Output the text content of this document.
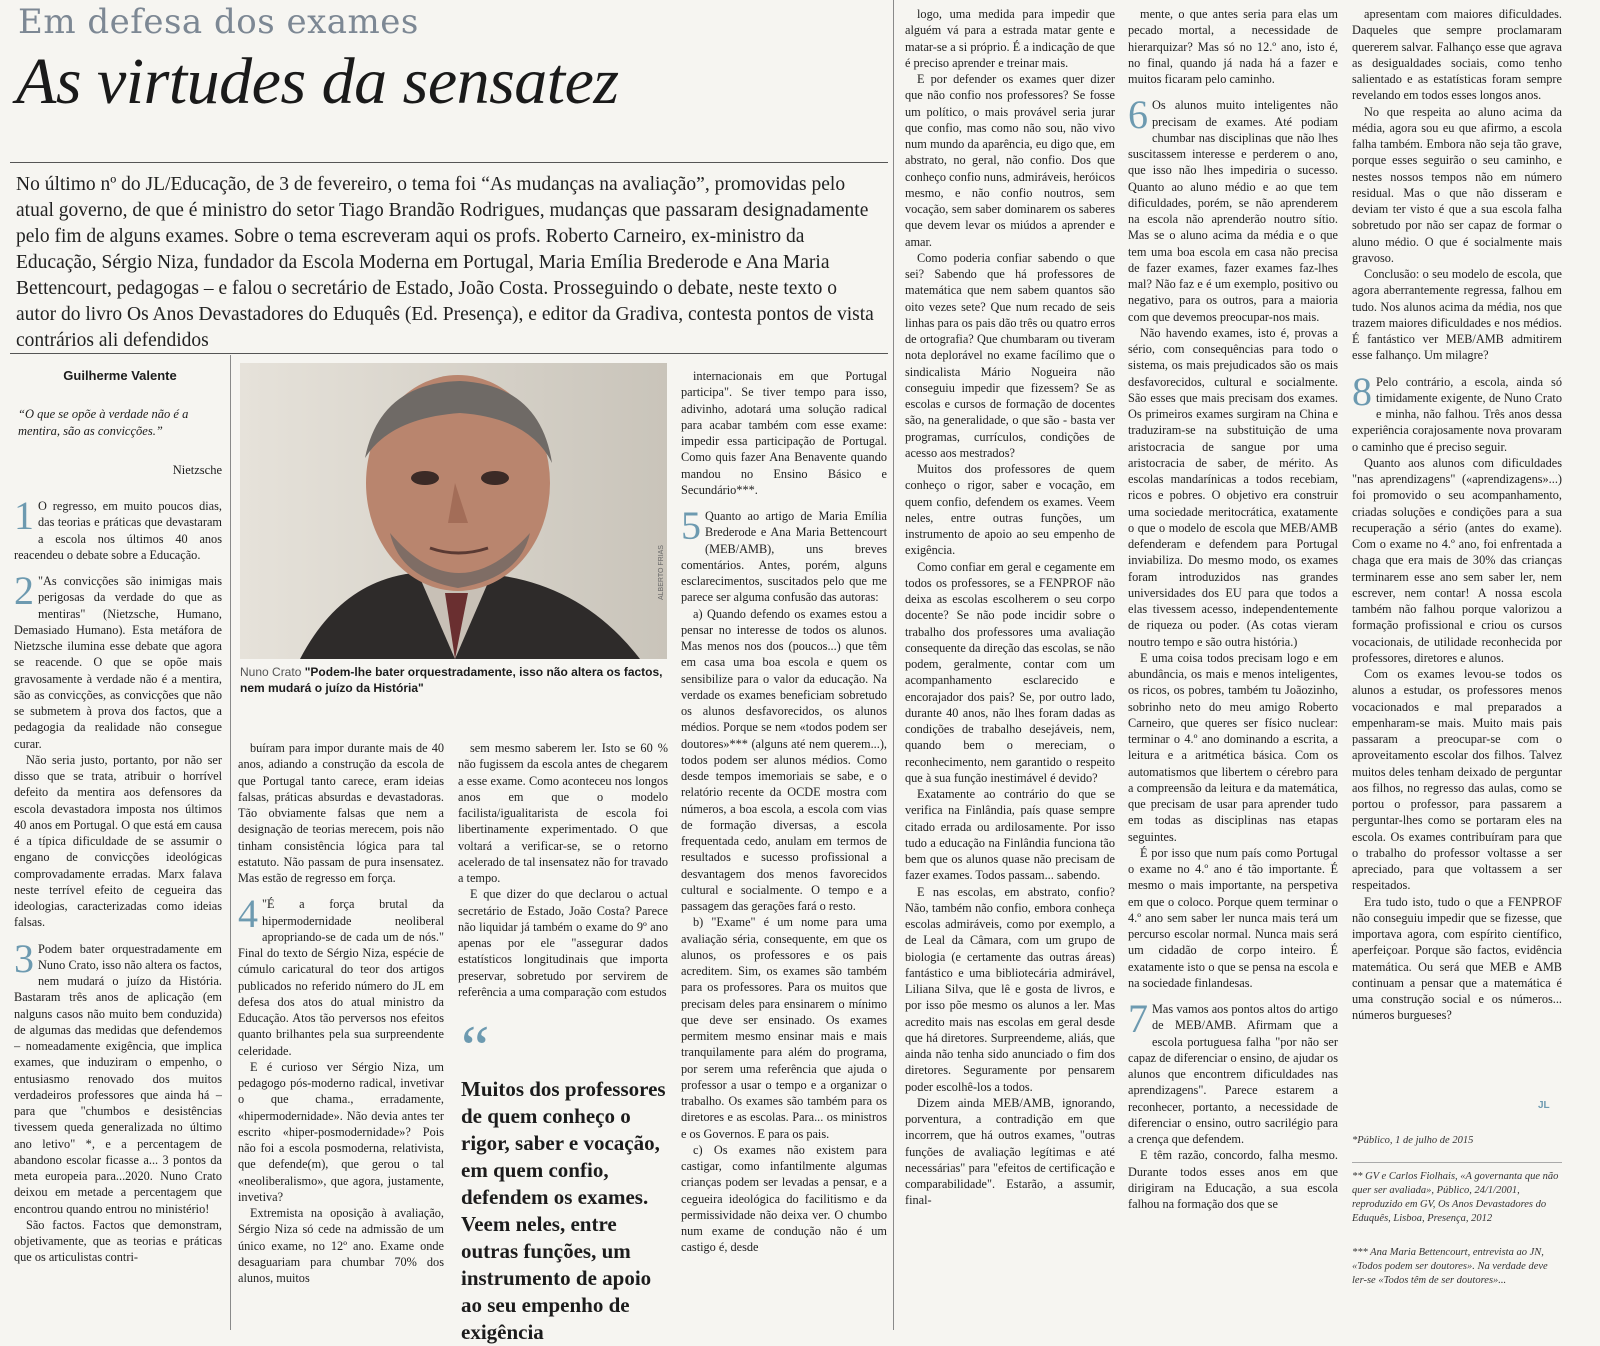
Em defesa dos exames
As virtudes da sensatez
No último nº do JL/Educação, de 3 de fevereiro, o tema foi “As mudanças na avaliação”, promovidas pelo atual governo, de que é ministro do setor Tiago Brandão Rodrigues, mudanças que passaram designadamente pelo fim de alguns exames. Sobre o tema escreveram aqui os profs. Roberto Carneiro, ex-ministro da Educação, Sérgio Niza, fundador da Escola Moderna em Portugal, Maria Emília Brederode e Ana Maria Bettencourt, pedagogas – e falou o secretário de Estado, João Costa. Prosseguindo o debate, neste texto o autor do livro Os Anos Devastadores do Eduquês (Ed. Presença), e editor da Gradiva, contesta pontos de vista contrários ali defendidos
Guilherme Valente
“O que se opõe à verdade não é a mentira, são as convicções.”
Nietzsche
ALBERTO FRIAS
Nuno Crato "Podem-lhe bater orquestradamente, isso não altera os factos, nem mudará o juízo da História"
“
Muitos dos professores de quem conheço o rigor, saber e vocação, em quem confio, defendem os exames. Veem neles, entre outras funções, um instrumento de apoio ao seu empenho de exigência

1 O regresso, em muito poucos dias, das teorias e práticas que devastaram a escola nos últimos 40 anos reacendeu o debate sobre a Educação.

2 "As convicções são inimigas mais perigosas da verdade do que as mentiras" (Nietzsche, Humano, Demasiado Humano). Esta metáfora de Nietzsche ilumina esse debate que agora se reacende. O que se opõe mais gravosamente à verdade não é a mentira, são as convicções, as convicções que não se submetem à prova dos factos, que a pedagogia da realidade não consegue curar.

Não seria justo, portanto, por não ser disso que se trata, atribuir o horrível defeito da mentira aos defensores da escola devastadora imposta nos últimos 40 anos em Portugal. O que está em causa é a típica dificuldade de se assumir o engano de convicções ideológicas comprovadamente erradas. Marx falava neste terrível efeito de cegueira das ideologias, caracterizadas como ideias falsas.

3 Podem bater orquestradamente em Nuno Crato, isso não altera os factos, nem mudará o juízo da História. Bastaram três anos de aplicação (em nalguns casos não muito bem conduzida) de algumas das medidas que defendemos – nomeadamente exigência, que implica exames, que induziram o empenho, o entusiasmo renovado dos muitos verdadeiros professores que ainda há – para que "chumbos e desistências tivessem queda generalizada no último ano letivo" *, e a percentagem de abandono escolar ficasse a... 3 pontos da meta europeia para...2020. Nuno Crato deixou em metade a percentagem que encontrou quando entrou no ministério!

São factos. Factos que demonstram, objetivamente, que as teorias e práticas que os articulistas contri-

buíram para impor durante mais de 40 anos, adiando a construção da escola de que Portugal tanto carece, eram ideias falsas, práticas absurdas e devastadoras. Tão obviamente falsas que nem a designação de teorias merecem, pois não tinham consistência lógica para tal estatuto. Não passam de pura insensatez. Mas estão de regresso em força.

4 "É a força brutal da hipermodernidade neoliberal apropriando-se de cada um de nós." Final do texto de Sérgio Niza, espécie de cúmulo caricatural do teor dos artigos publicados no referido número do JL em defesa dos atos do atual ministro da Educação. Atos tão perversos nos efeitos quanto brilhantes pela sua surpreendente celeridade.

E é curioso ver Sérgio Niza, um pedagogo pós-moderno radical, invetivar o que chama., erradamente, «hipermodernidade». Não devia antes ter escrito «hiper-posmodernidade»? Pois não foi a escola posmoderna, relativista, que defende(m), que gerou o tal «neoliberalismo», que agora, justamente, invetiva?

Extremista na oposição à avaliação, Sérgio Niza só cede na admissão de um único exame, no 12º ano. Exame onde desaguariam para chumbar 70% dos alunos, muitos

sem mesmo saberem ler. Isto se 60 % não fugissem da escola antes de chegarem a esse exame. Como aconteceu nos longos anos em que o modelo facilista/igualitarista de escola foi libertinamente experimentado. O que voltará a verificar-se, se o retorno acelerado de tal insensatez não for travado a tempo.

E que dizer do que declarou o actual secretário de Estado, João Costa? Parece não liquidar já também o exame do 9º ano apenas por ele "assegurar dados estatísticos longitudinais que importa preservar, sobretudo por servirem de referência a uma comparação com estudos

internacionais em que Portugal participa". Se tiver tempo para isso, adivinho, adotará uma solução radical para acabar também com esse exame: impedir essa participação de Portugal. Como quis fazer Ana Benavente quando mandou no Ensino Básico e Secundário***.

5 Quanto ao artigo de Maria Emília Brederode e Ana Maria Bettencourt (MEB/AMB), uns breves comentários. Antes, porém, alguns esclarecimentos, suscitados pelo que me parece ser alguma confusão das autoras:

a) Quando defendo os exames estou a pensar no interesse de todos os alunos. Mas menos nos dos (poucos...) que têm em casa uma boa escola e quem os sensibilize para o valor da educação. Na verdade os exames beneficiam sobretudo os alunos desfavorecidos, os alunos médios. Porque se nem «todos podem ser doutores»*** (alguns até nem querem...), todos podem ser alunos médios. Como desde tempos imemoriais se sabe, e o relatório recente da OCDE mostra com números, a boa escola, a escola com vias de formação diversas, a escola frequentada cedo, anulam em termos de resultados e sucesso profissional a desvantagem dos menos favorecidos cultural e socialmente. O tempo e a passagem das gerações fará o resto.

b) "Exame" é um nome para uma avaliação séria, consequente, em que os alunos, os professores e os pais acreditem. Sim, os exames são também para os professores. Para os muitos que precisam deles para ensinarem o mínimo que deve ser ensinado. Os exames permitem mesmo ensinar mais e mais tranquilamente para além do programa, por serem uma referência que ajuda o professor a usar o tempo e a organizar o trabalho. Os exames são também para os diretores e as escolas. Para... os ministros e os Governos. E para os pais.

c) Os exames não existem para castigar, como infantilmente algumas crianças podem ser levadas a pensar, e a cegueira ideológica do facilitismo e da permissividade não deixa ver. O chumbo num exame de condução não é um castigo é, desde

logo, uma medida para impedir que alguém vá para a estrada matar gente e matar-se a si próprio. É a indicação de que é preciso aprender e treinar mais.

E por defender os exames quer dizer que não confio nos professores? Se fosse um político, o mais provável seria jurar que confio, mas como não sou, não vivo num mundo da aparência, eu digo que, em abstrato, no geral, não confio. Dos que conheço confio nuns, admiráveis, heróicos mesmo, e não confio noutros, sem vocação, sem saber dominarem os saberes que devem levar os miúdos a aprender e amar.

Como poderia confiar sabendo o que sei? Sabendo que há professores de matemática que nem sabem quantos são oito vezes sete? Que num recado de seis linhas para os pais dão três ou quatro erros de ortografia? Que chumbaram ou tiveram nota deplorável no exame facílimo que o sindicalista Mário Nogueira não conseguiu impedir que fizessem? Se as escolas e cursos de formação de docentes são, na generalidade, o que são - basta ver programas, currículos, condições de acesso aos mestrados?

Muitos dos professores de quem conheço o rigor, saber e vocação, em quem confio, defendem os exames. Veem neles, entre outras funções, um instrumento de apoio ao seu empenho de exigência.

Como confiar em geral e cegamente em todos os professores, se a FENPROF não deixa as escolas escolherem o seu corpo docente? Se não pode incidir sobre o trabalho dos professores uma avaliação consequente da direção das escolas, se não podem, geralmente, contar com um acompanhamento esclarecido e encorajador dos pais? Se, por outro lado, durante 40 anos, não lhes foram dadas as condições de trabalho desejáveis, nem, quando bem o mereciam, o reconhecimento, nem garantido o respeito que à sua função inestimável é devido?

Exatamente ao contrário do que se verifica na Finlândia, país quase sempre citado errada ou ardilosamente. Por isso tudo a educação na Finlândia funciona tão bem que os alunos quase não precisam de fazer exames. Todos passam... sabendo.

E nas escolas, em abstrato, confio? Não, também não confio, embora conheça escolas admiráveis, como por exemplo, a de Leal da Câmara, com um grupo de biologia (e certamente das outras áreas) fantástico e uma bibliotecária admirável, Liliana Silva, que lê e gosta de livros, e por isso põe mesmo os alunos a ler. Mas acredito mais nas escolas em geral desde que há diretores. Surpreendeme, aliás, que ainda não tenha sido anunciado o fim dos diretores. Seguramente por pensarem poder escolhê-los a todos.

Dizem ainda MEB/AMB, ignorando, porventura, a contradição em que incorrem, que há outros exames, "outras funções de avaliação legítimas e até necessárias" para "efeitos de certificação e comparabilidade". Estarão, a assumir, final-

mente, o que antes seria para elas um pecado mortal, a necessidade de hierarquizar? Mas só no 12.º ano, isto é, no final, quando já nada há a fazer e muitos ficaram pelo caminho.

6 Os alunos muito inteligentes não precisam de exames. Até podiam chumbar nas disciplinas que não lhes suscitassem interesse e perderem o ano, que isso não lhes impediria o sucesso. Quanto ao aluno médio e ao que tem dificuldades, porém, se não aprenderem na escola não aprenderão noutro sítio. Mas se o aluno acima da média e o que tem uma boa escola em casa não precisa de fazer exames, fazer exames faz-lhes mal? Não faz e é um exemplo, positivo ou negativo, para os outros, para a maioria com que devemos preocupar-nos mais.

Não havendo exames, isto é, provas a sério, com consequências para todo o sistema, os mais prejudicados são os mais desfavorecidos, cultural e socialmente. São esses que mais precisam dos exames. Os primeiros exames surgiram na China e traduziram-se na substituição de uma aristocracia de sangue por uma aristocracia de saber, de mérito. As escolas mandarínicas a todos recebiam, ricos e pobres. O objetivo era construir uma sociedade meritocrática, exatamente o que o modelo de escola que MEB/AMB defenderam e defendem para Portugal inviabiliza. Do mesmo modo, os exames foram introduzidos nas grandes universidades dos EU para que todos a elas tivessem acesso, independentemente de riqueza ou poder. (As cotas vieram noutro tempo e são outra história.)

E uma coisa todos precisam logo e em abundância, os mais e menos inteligentes, os ricos, os pobres, também tu Joãozinho, sobrinho neto do meu amigo Roberto Carneiro, que queres ser físico nuclear: terminar o 4.º ano dominando a escrita, a leitura e a aritmética básica. Com os automatismos que libertem o cérebro para a compreensão da leitura e da matemática, que precisam de usar para aprender tudo em todas as disciplinas nas etapas seguintes.

É por isso que num país como Portugal o exame no 4.º ano é tão importante. É mesmo o mais importante, na perspetiva em que o coloco. Porque quem terminar o 4.º ano sem saber ler nunca mais terá um percurso escolar normal. Nunca mais será um cidadão de corpo inteiro. É exatamente isto o que se pensa na escola e na sociedade finlandesas.

7 Mas vamos aos pontos altos do artigo de MEB/AMB. Afirmam que a escola portuguesa falha "por não ser capaz de diferenciar o ensino, de ajudar os alunos que encontrem dificuldades nas aprendizagens". Parece estarem a reconhecer, portanto, a necessidade de diferenciar o ensino, outro sacrilégio para a crença que defendem.

E têm razão, concordo, falha mesmo. Durante todos esses anos em que dirigiram na Educação, a sua escola falhou na formação dos que se

apresentam com maiores dificuldades. Daqueles que sempre proclamaram quererem salvar. Falhanço esse que agrava as desigualdades sociais, como tenho salientado e as estatísticas foram sempre revelando em todos esses longos anos.

No que respeita ao aluno acima da média, agora sou eu que afirmo, a escola falha também. Embora não seja tão grave, porque esses seguirão o seu caminho, e nestes nossos tempos não em número residual. Mas o que não disseram e deviam ter visto é que a sua escola falha sobretudo por não ser capaz de formar o aluno médio. O que é socialmente mais gravoso.

Conclusão: o seu modelo de escola, que agora aberrantemente regressa, falhou em tudo. Nos alunos acima da média, nos que trazem maiores dificuldades e nos médios. É fantástico ver MEB/AMB admitirem esse falhanço. Um milagre?

8 Pelo contrário, a escola, ainda só timidamente exigente, de Nuno Crato e minha, não falhou. Três anos dessa experiência corajosamente nova provaram o caminho que é preciso seguir.

Quanto aos alunos com dificuldades "nas aprendizagens" («aprendizagens»...) foi promovido o seu acompanhamento, criadas soluções e condições para a sua recuperação a sério (antes do exame). Com o exame no 4.º ano, foi enfrentada a chaga que era mais de 30% das crianças terminarem esse ano sem saber ler, nem escrever, nem contar! A nossa escola também não falhou porque valorizou a formação profissional e criou os cursos vocacionais, de utilidade reconhecida por professores, diretores e alunos.

Com os exames levou-se todos os alunos a estudar, os professores menos vocacionados e mal preparados a empenharam-se mais. Muito mais pais passaram a preocupar-se com o aproveitamento escolar dos filhos. Talvez muitos deles tenham deixado de perguntar aos filhos, no regresso das aulas, como se portou o professor, para passarem a perguntar-lhes como se portaram eles na escola. Os exames contribuíram para que o trabalho do professor voltasse a ser apreciado, para que voltassem a ser respeitados.

Era tudo isto, tudo o que a FENPROF não conseguiu impedir que se fizesse, que importava agora, com espírito científico, aperfeiçoar. Porque são factos, evidência matemática. Ou será que MEB e AMB continuam a pensar que a matemática é uma construção social e os números... números burgueses?

JL
*Público, 1 de julho de 2015
** GV e Carlos Fiolhais, «A governanta que não quer ser avaliada», Público, 24/1/2001, reproduzido em GV, Os Anos Devastadores do Eduquês, Lisboa, Presença, 2012
*** Ana Maria Bettencourt, entrevista ao JN, «Todos podem ser doutores». Na verdade deve ler-se «Todos têm de ser doutores»...
